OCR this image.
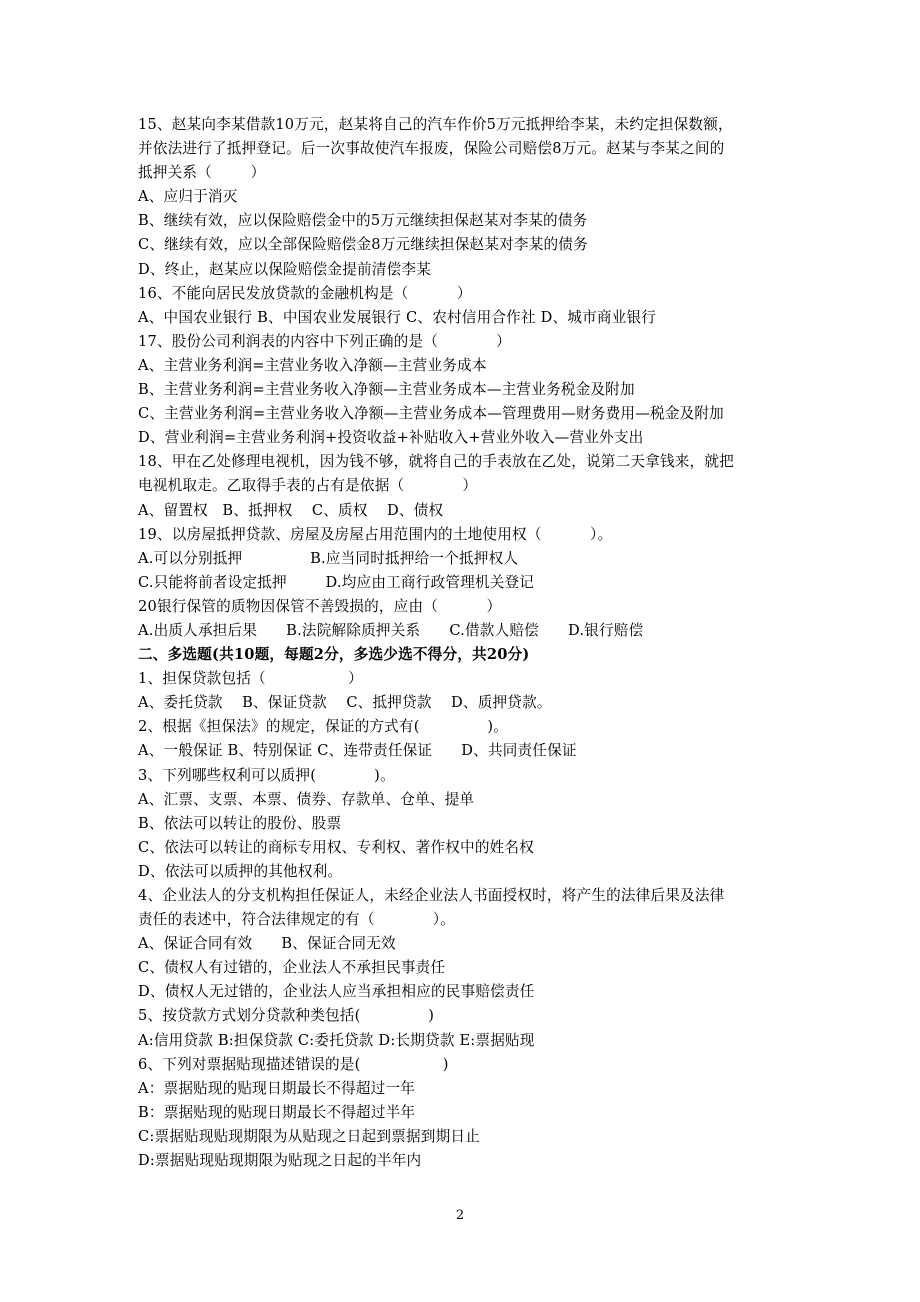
15、赵某向李某借款10万元，赵某将自己的汽车作价5万元抵押给李某，未约定担保数额，
并依法进行了抵押登记。后一次事故使汽车报废，保险公司赔偿8万元。赵某与李某之间的
抵押关系（        ）
A、应归于消灭
B、继续有效，应以保险赔偿金中的5万元继续担保赵某对李某的债务
C、继续有效，应以全部保险赔偿金8万元继续担保赵某对李某的债务
D、终止，赵某应以保险赔偿金提前清偿李某
16、不能向居民发放贷款的金融机构是（          ）
A、中国农业银行 B、中国农业发展银行 C、农村信用合作社 D、城市商业银行
17、股份公司利润表的内容中下列正确的是（            ）
A、主营业务利润=主营业务收入净额—主营业务成本
B、主营业务利润=主营业务收入净额—主营业务成本—主营业务税金及附加
C、主营业务利润=主营业务收入净额—主营业务成本—管理费用—财务费用—税金及附加
D、营业利润=主营业务利润+投资收益+补贴收入+营业外收入—营业外支出
18、甲在乙处修理电视机，因为钱不够，就将自己的手表放在乙处，说第二天拿钱来，就把
电视机取走。乙取得手表的占有是依据（            ）
A、留置权   B、抵押权    C、质权    D、债权
19、以房屋抵押贷款、房屋及房屋占用范围内的土地使用权（          ）。
A.可以分别抵押              B.应当同时抵押给一个抵押权人
C.只能将前者设定抵押        D.均应由工商行政管理机关登记
20银行保管的质物因保管不善毁损的，应由（          ）
A.出质人承担后果      B.法院解除质押关系      C.借款人赔偿      D.银行赔偿
二、多选题(共10题，每题2分，多选少选不得分，共20分)
1、担保贷款包括（                 ）
A、委托贷款    B、保证贷款    C、抵押贷款    D、质押贷款。
2、根据《担保法》的规定，保证的方式有(              )。
A、一般保证 B、特别保证 C、连带责任保证      D、共同责任保证
3、下列哪些权利可以质押(            )。
A、汇票、支票、本票、债券、存款单、仓单、提单
B、依法可以转让的股份、股票
C、依法可以转让的商标专用权、专利权、著作权中的姓名权
D、依法可以质押的其他权利。
4、企业法人的分支机构担任保证人，未经企业法人书面授权时，将产生的法律后果及法律
责任的表述中，符合法律规定的有（            ）。
A、保证合同有效      B、保证合同无效
C、债权人有过错的，企业法人不承担民事责任
D、债权人无过错的，企业法人应当承担相应的民事赔偿责任
5、按贷款方式划分贷款种类包括(              )
A:信用贷款 B:担保贷款 C:委托贷款 D:长期贷款 E:票据贴现
6、下列对票据贴现描述错误的是(                 )
A：票据贴现的贴现日期最长不得超过一年
B：票据贴现的贴现日期最长不得超过半年
C:票据贴现贴现期限为从贴现之日起到票据到期日止
D:票据贴现贴现期限为贴现之日起的半年内
2
